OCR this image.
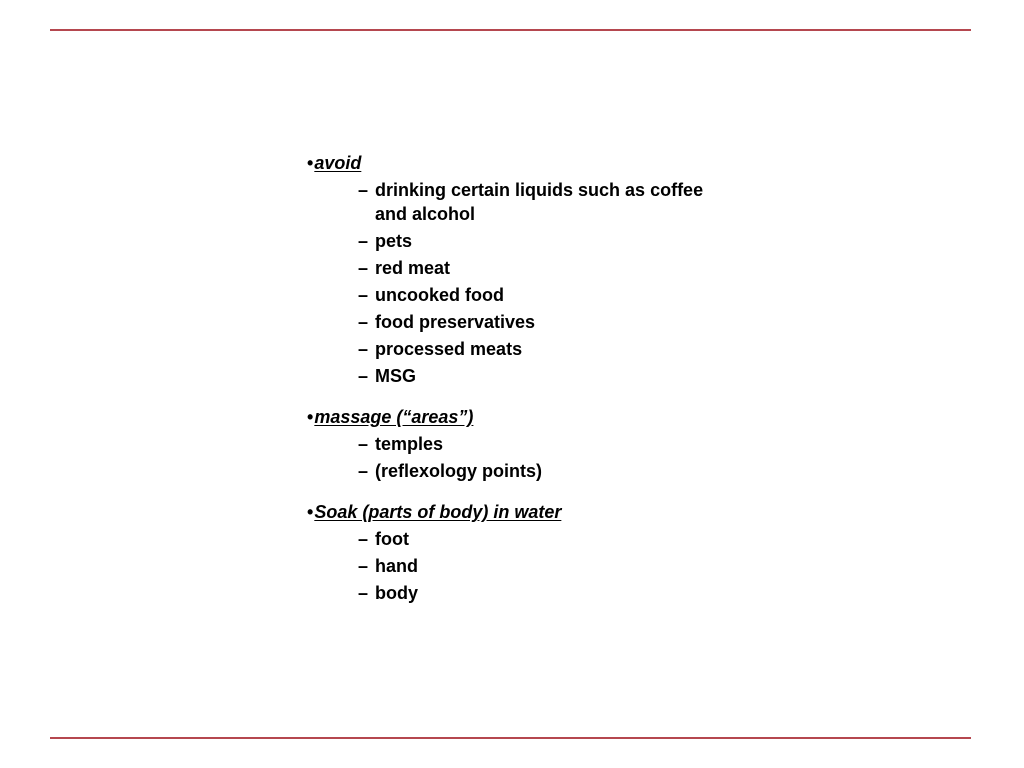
• avoid
– drinking certain liquids such as coffee and alcohol
– pets
– red meat
– uncooked food
– food preservatives
– processed meats
– MSG
• massage (“areas”)
– temples
– (reflexology points)
• Soak (parts of body) in water
– foot
– hand
– body
